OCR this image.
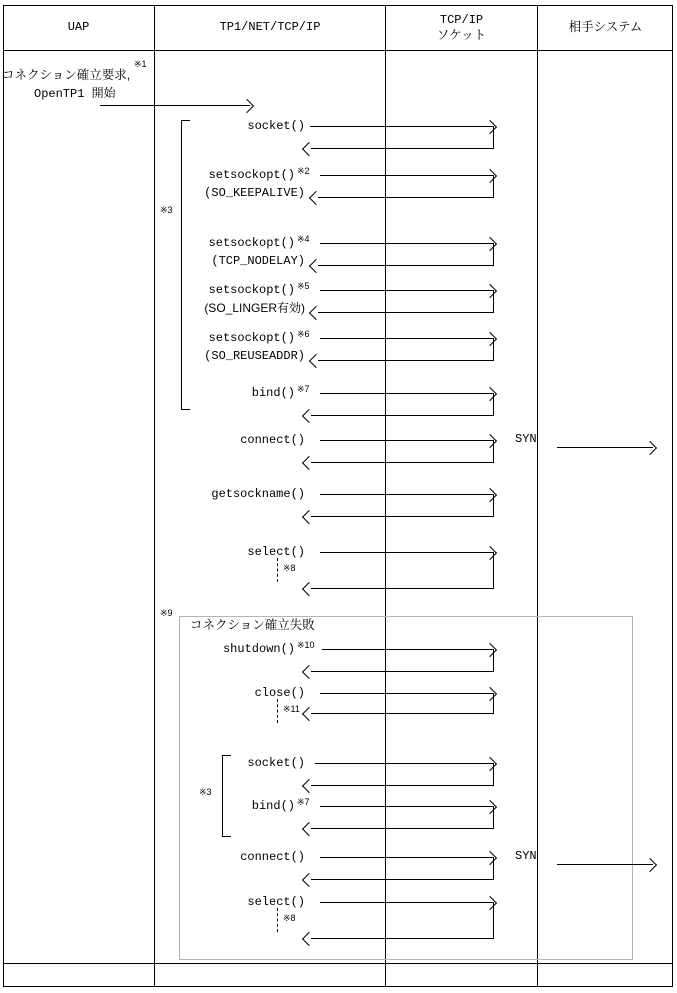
UAP	TP1/NET/TCP/IP	TCP/IP
ソケット
相手システム
※1
コネクション確立要求,
OpenTP1 開始
※3
socket()
setsockopt() ※2
(SO_KEEPALIVE)
setsockopt() ※4
(TCP_NODELAY)
setsockopt() ※5
(SO_LINGER有効)
setsockopt() ※6
(SO_REUSEADDR)
bind() ※7
connect()	SYN
getsockname()
select()
※8
※9
コネクション確立失敗
shutdown() ※10
close()
※11
※3
socket()
bind() ※7
connect()	SYN
select()
※8
